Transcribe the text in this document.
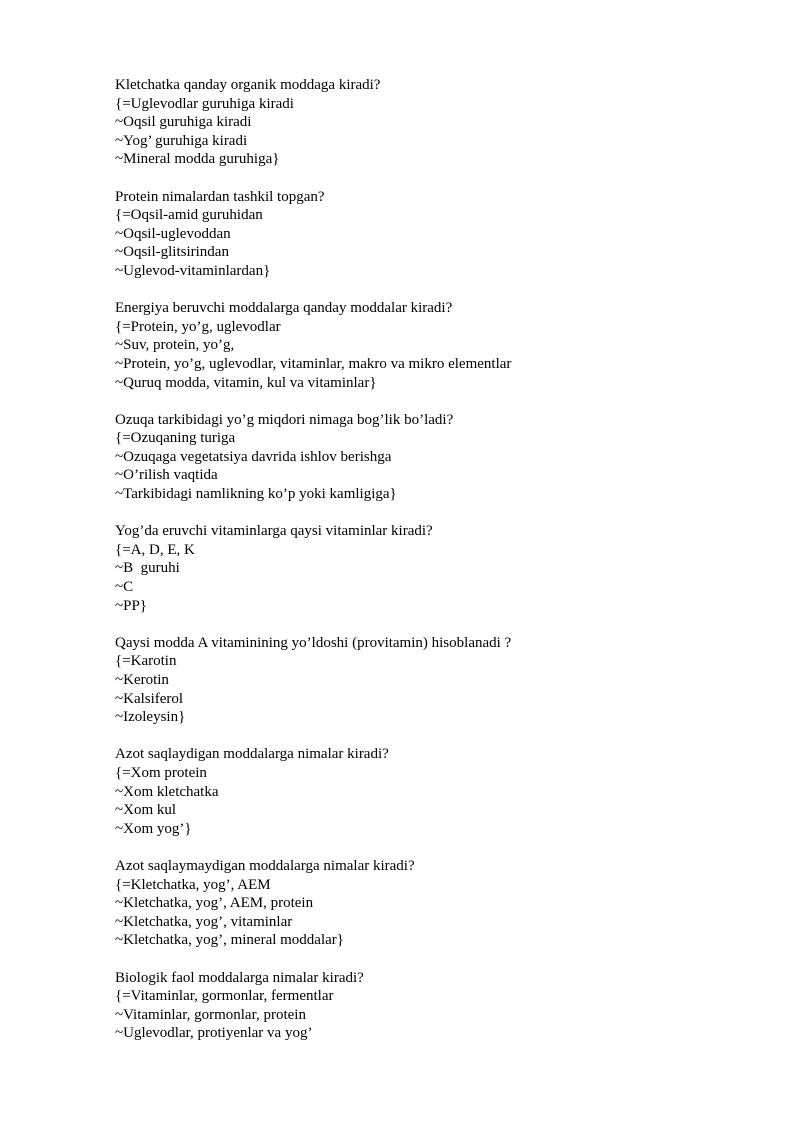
Kletchatka qanday organik moddaga kiradi?
{=Uglevodlar guruhiga kiradi
~Oqsil guruhiga kiradi
~Yog’ guruhiga kiradi
~Mineral modda guruhiga}
Protein nimalardan tashkil topgan?
{=Oqsil-amid guruhidan
~Oqsil-uglevoddan
~Oqsil-glitsirindan
~Uglevod-vitaminlardan}
Energiya beruvchi moddalarga qanday moddalar kiradi?
{=Protein, yo’g, uglevodlar
~Suv, protein, yo’g,
~Protein, yo’g, uglevodlar, vitaminlar, makro va mikro elementlar
~Quruq modda, vitamin, kul va vitaminlar}
Ozuqa tarkibidagi yo’g miqdori nimaga bog’lik bo’ladi?
{=Ozuqaning turiga
~Ozuqaga vegetatsiya davrida ishlov berishga
~O’rilish vaqtida
~Tarkibidagi namlikning ko’p yoki kamligiga}
Yog’da eruvchi vitaminlarga qaysi vitaminlar kiradi?
{=A, D, E, K
~B  guruhi
~C
~PP}
Qaysi modda A vitaminining yo’ldoshi (provitamin) hisoblanadi ?
{=Karotin
~Kerotin
~Kalsiferol
~Izoleysin}
Azot saqlaydigan moddalarga nimalar kiradi?
{=Xom protein
~Xom kletchatka
~Xom kul
~Xom yog’}
Azot saqlaymaydigan moddalarga nimalar kiradi?
{=Kletchatka, yog’, AEM
~Kletchatka, yog’, AEM, protein
~Kletchatka, yog’, vitaminlar
~Kletchatka, yog’, mineral moddalar}
Biologik faol moddalarga nimalar kiradi?
{=Vitaminlar, gormonlar, fermentlar
~Vitaminlar, gormonlar, protein
~Uglevodlar, protiyenlar va yog’
